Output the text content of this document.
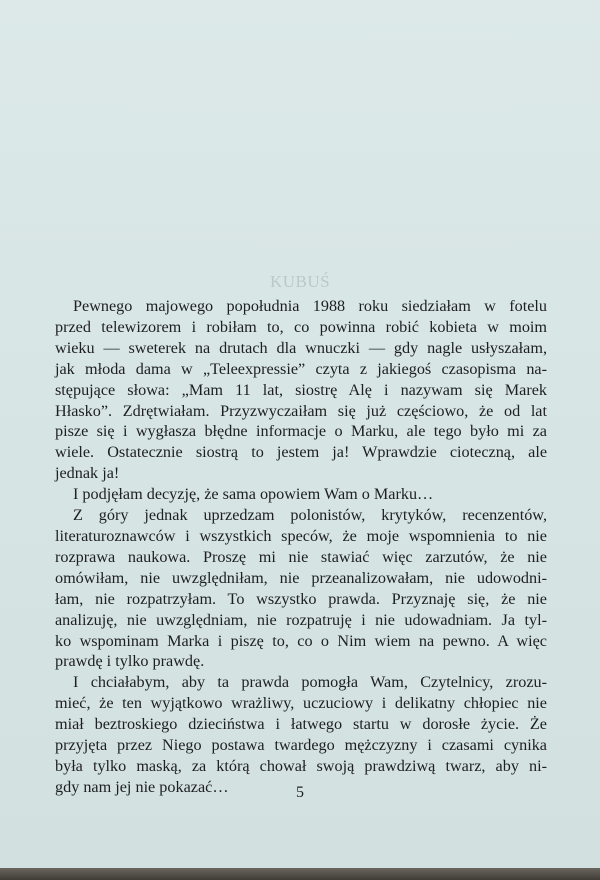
KUBUŚ
Pewnego majowego popołudnia 1988 roku siedziałam w fotelu
przed telewizorem i robiłam to, co powinna robić kobieta w moim
wieku — sweterek na drutach dla wnuczki — gdy nagle usłyszałam,
jak młoda dama w „Teleexpressie” czyta z jakiegoś czasopisma na-
stępujące słowa: „Mam 11 lat, siostrę Alę i nazywam się Marek
Hłasko”. Zdrętwiałam. Przyzwyczaiłam się już częściowo, że od lat
pisze się i wygłasza błędne informacje o Marku, ale tego było mi za
wiele. Ostatecznie siostrą to jestem ja! Wprawdzie cioteczną, ale
jednak ja!
I podjęłam decyzję, że sama opowiem Wam o Marku…
Z góry jednak uprzedzam polonistów, krytyków, recenzentów,
literaturoznawców i wszystkich speców, że moje wspomnienia to nie
rozprawa naukowa. Proszę mi nie stawiać więc zarzutów, że nie
omówiłam, nie uwzględniłam, nie przeanalizowałam, nie udowodni-
łam, nie rozpatrzyłam. To wszystko prawda. Przyznaję się, że nie
analizuję, nie uwzględniam, nie rozpatruję i nie udowadniam. Ja tyl-
ko wspominam Marka i piszę to, co o Nim wiem na pewno. A więc
prawdę i tylko prawdę.
I chciałabym, aby ta prawda pomogła Wam, Czytelnicy, zrozu-
mieć, że ten wyjątkowo wrażliwy, uczuciowy i delikatny chłopiec nie
miał beztroskiego dzieciństwa i łatwego startu w dorosłe życie. Że
przyjęta przez Niego postawa twardego mężczyzny i czasami cynika
była tylko maską, za którą chował swoją prawdziwą twarz, aby ni-
gdy nam jej nie pokazać…	5
